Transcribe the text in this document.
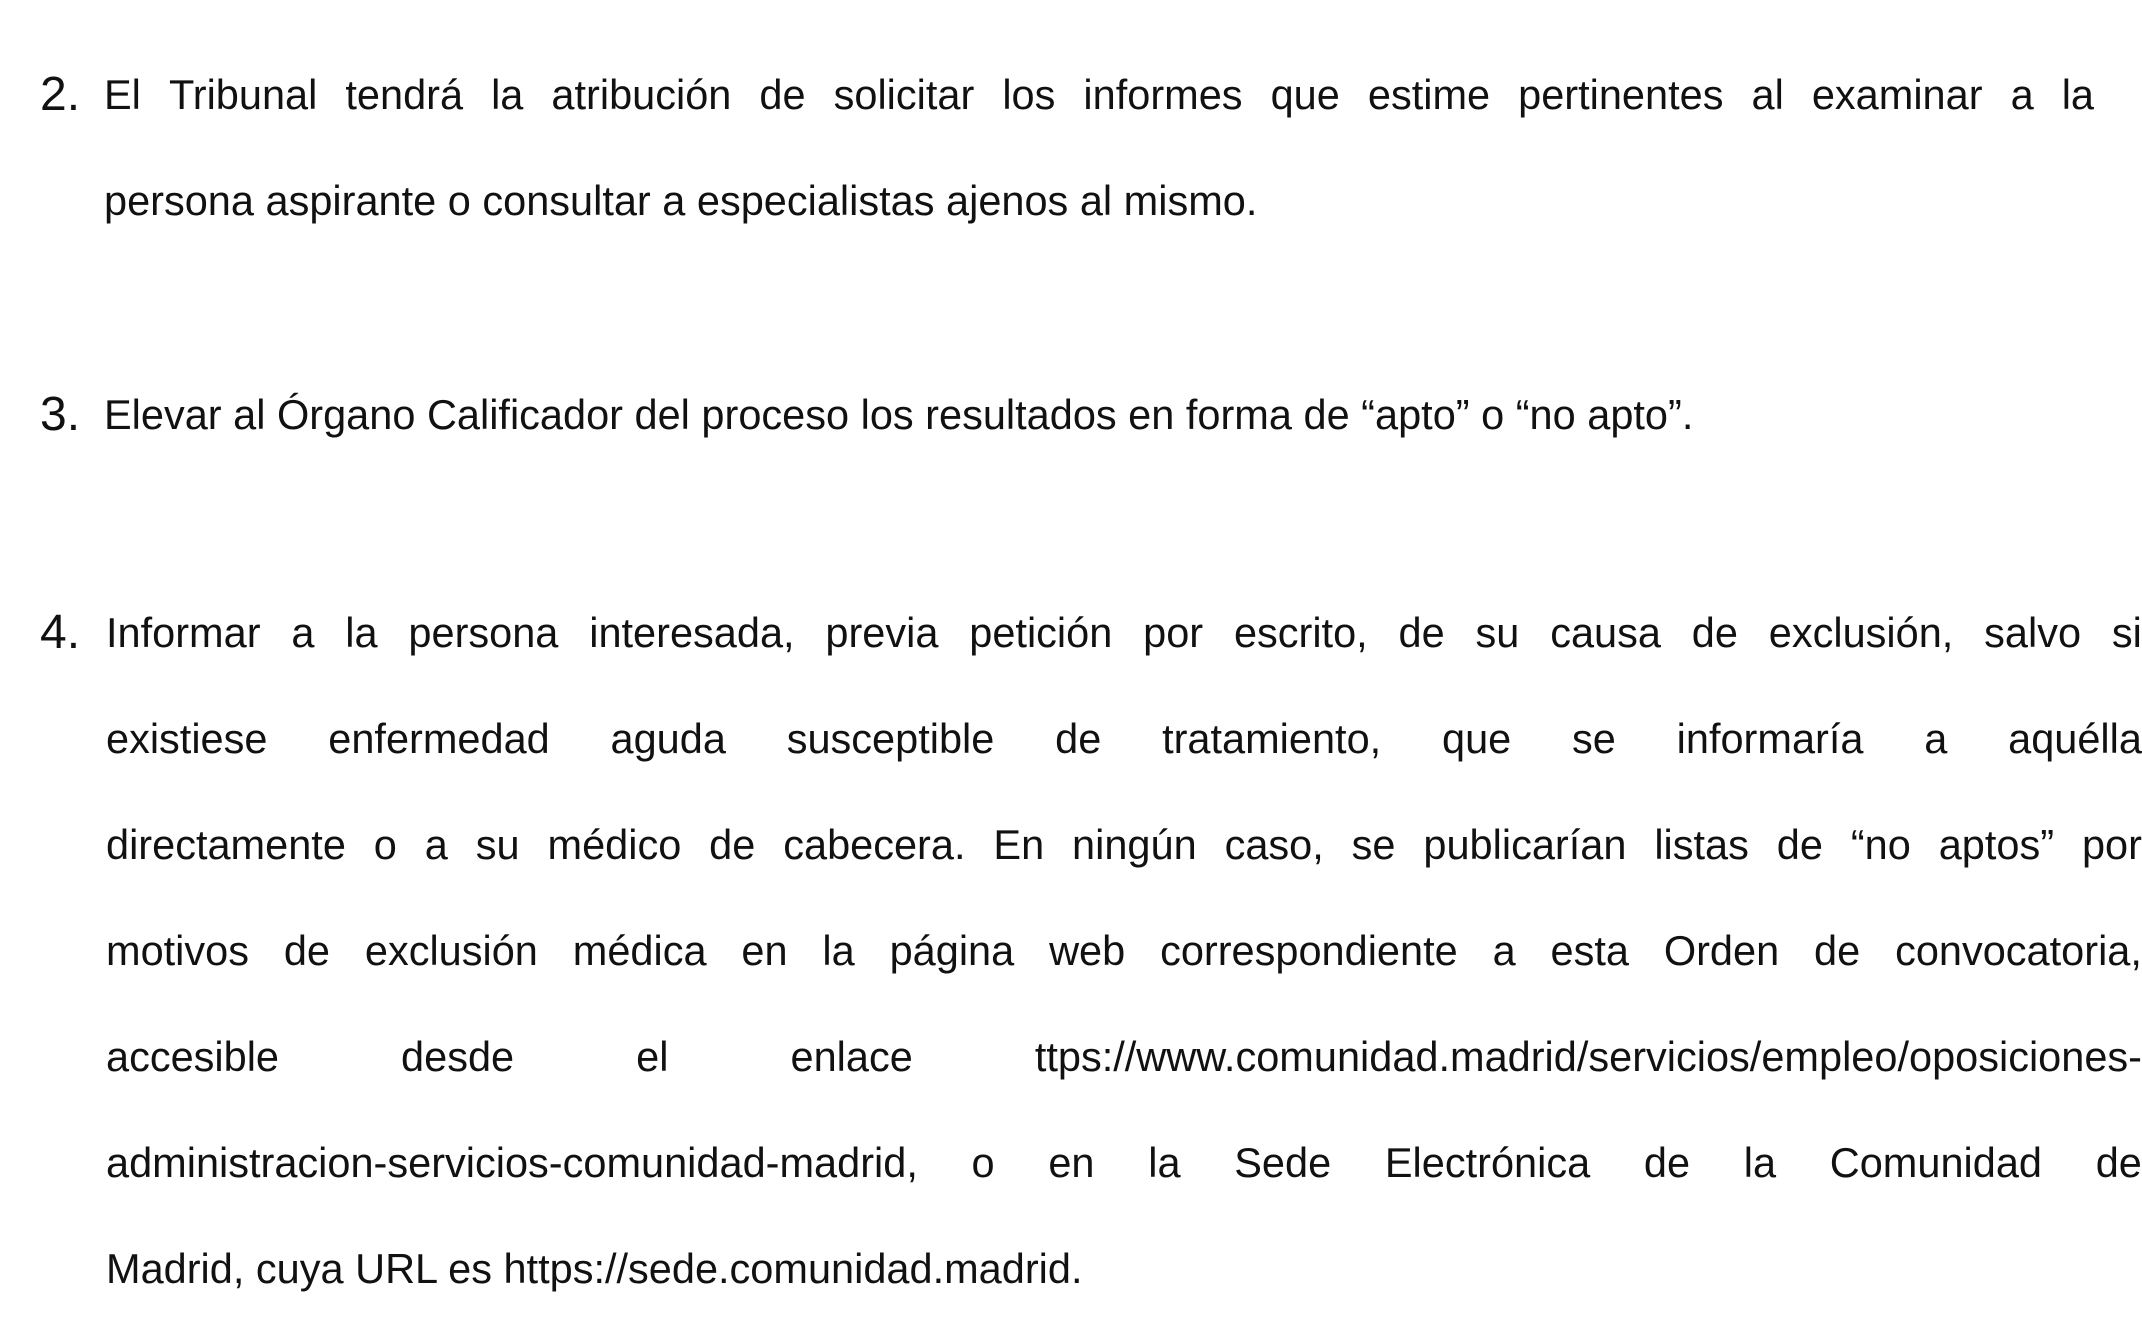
2. El Tribunal tendrá la atribución de solicitar los informes que estime pertinentes al examinar a la
persona aspirante o consultar a especialistas ajenos al mismo.
3. Elevar al Órgano Calificador del proceso los resultados en forma de “apto” o “no apto”.
4. Informar a la persona interesada, previa petición por escrito, de su causa de exclusión, salvo si
existiese enfermedad aguda susceptible de tratamiento, que se informaría a aquélla
directamente o a su médico de cabecera. En ningún caso, se publicarían listas de “no aptos” por
motivos de exclusión médica en la página web correspondiente a esta Orden de convocatoria,
accesible	desde	el	enlace	ttps://www.comunidad.madrid/servicios/empleo/oposiciones-
administracion-servicios-comunidad-madrid, o en la Sede Electrónica de la Comunidad de
Madrid, cuya URL es https://sede.comunidad.madrid.
